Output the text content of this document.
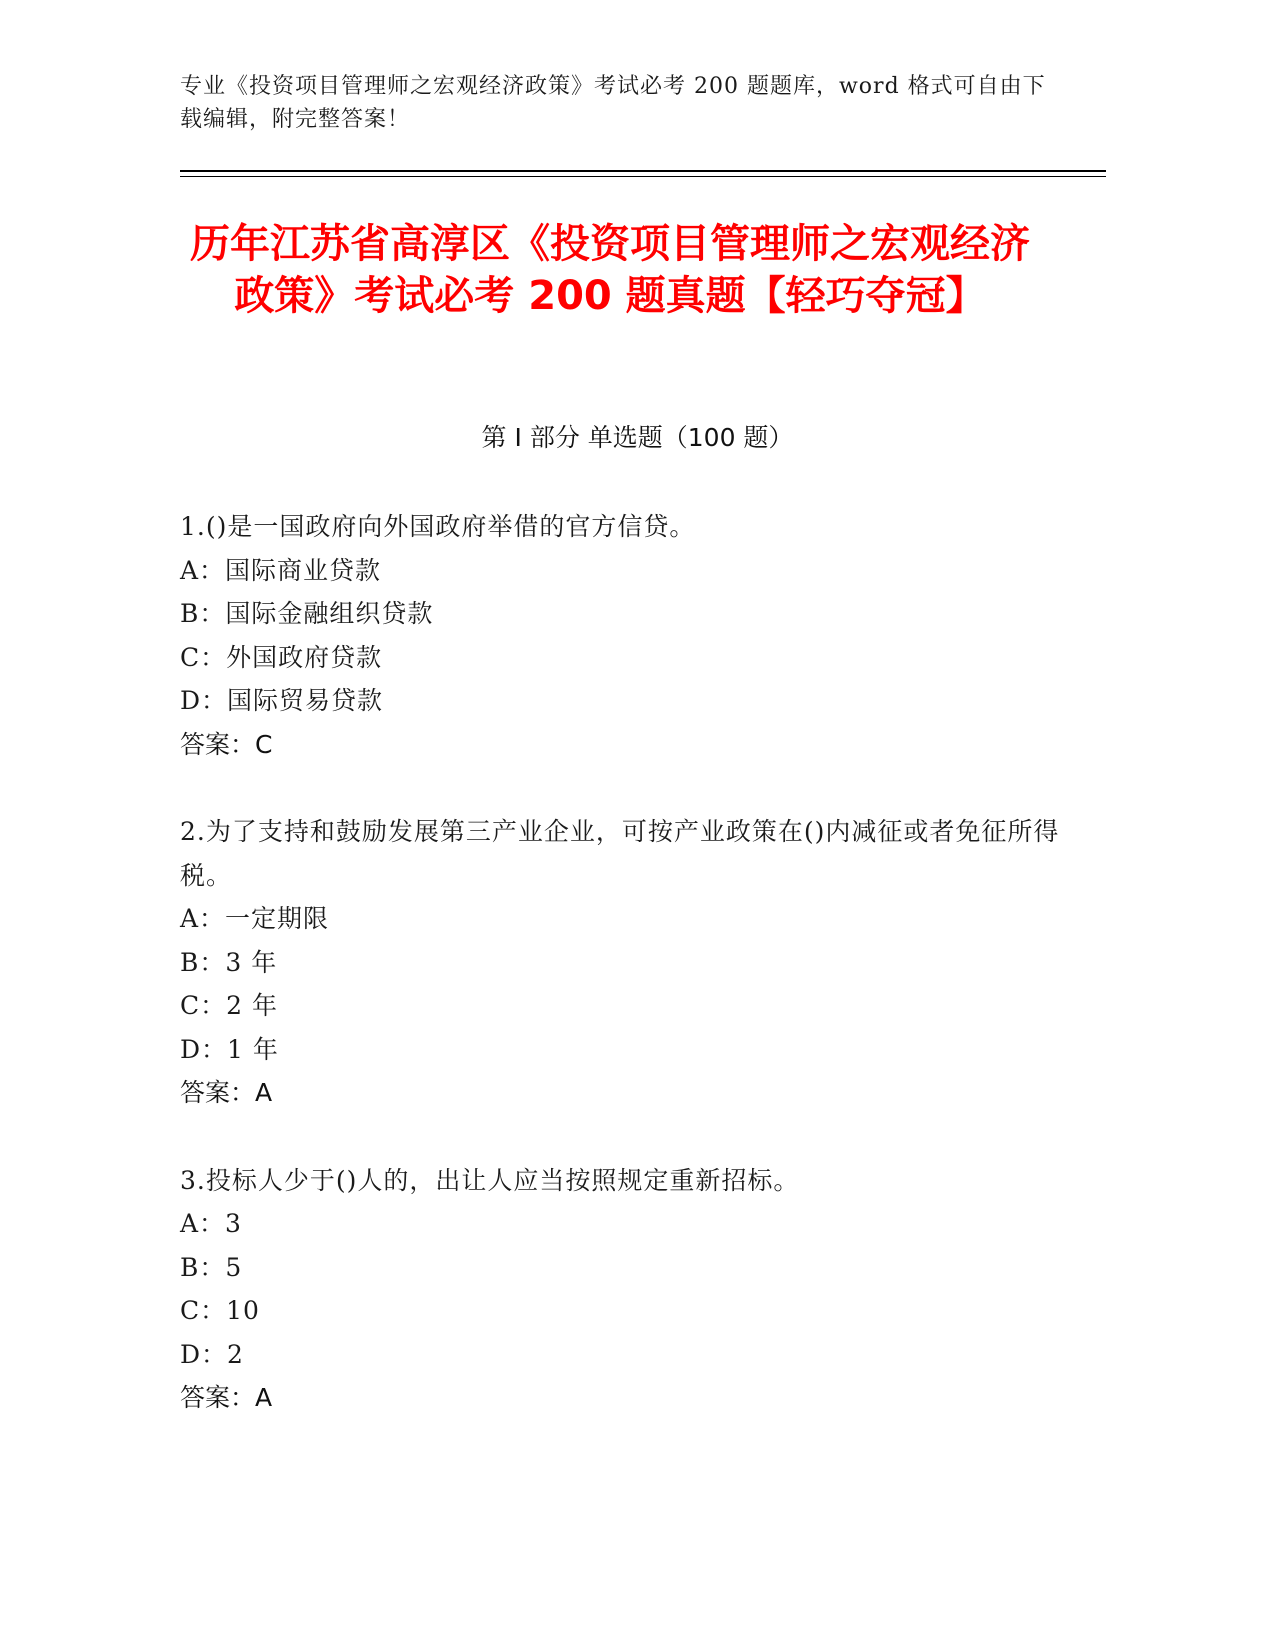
专业《投资项目管理师之宏观经济政策》考试必考 200 题题库，word 格式可自由下载编辑，附完整答案！
历年江苏省高淳区《投资项目管理师之宏观经济政策》考试必考 200 题真题【轻巧夺冠】
第 I 部分 单选题（100 题）
1.()是一国政府向外国政府举借的官方信贷。
A：国际商业贷款
B：国际金融组织贷款
C：外国政府贷款
D：国际贸易贷款
答案：C
2.为了支持和鼓励发展第三产业企业，可按产业政策在()内减征或者免征所得税。
A：一定期限
B：3 年
C：2 年
D：1 年
答案：A
3.投标人少于()人的，出让人应当按照规定重新招标。
A：3
B：5
C：10
D：2
答案：A
